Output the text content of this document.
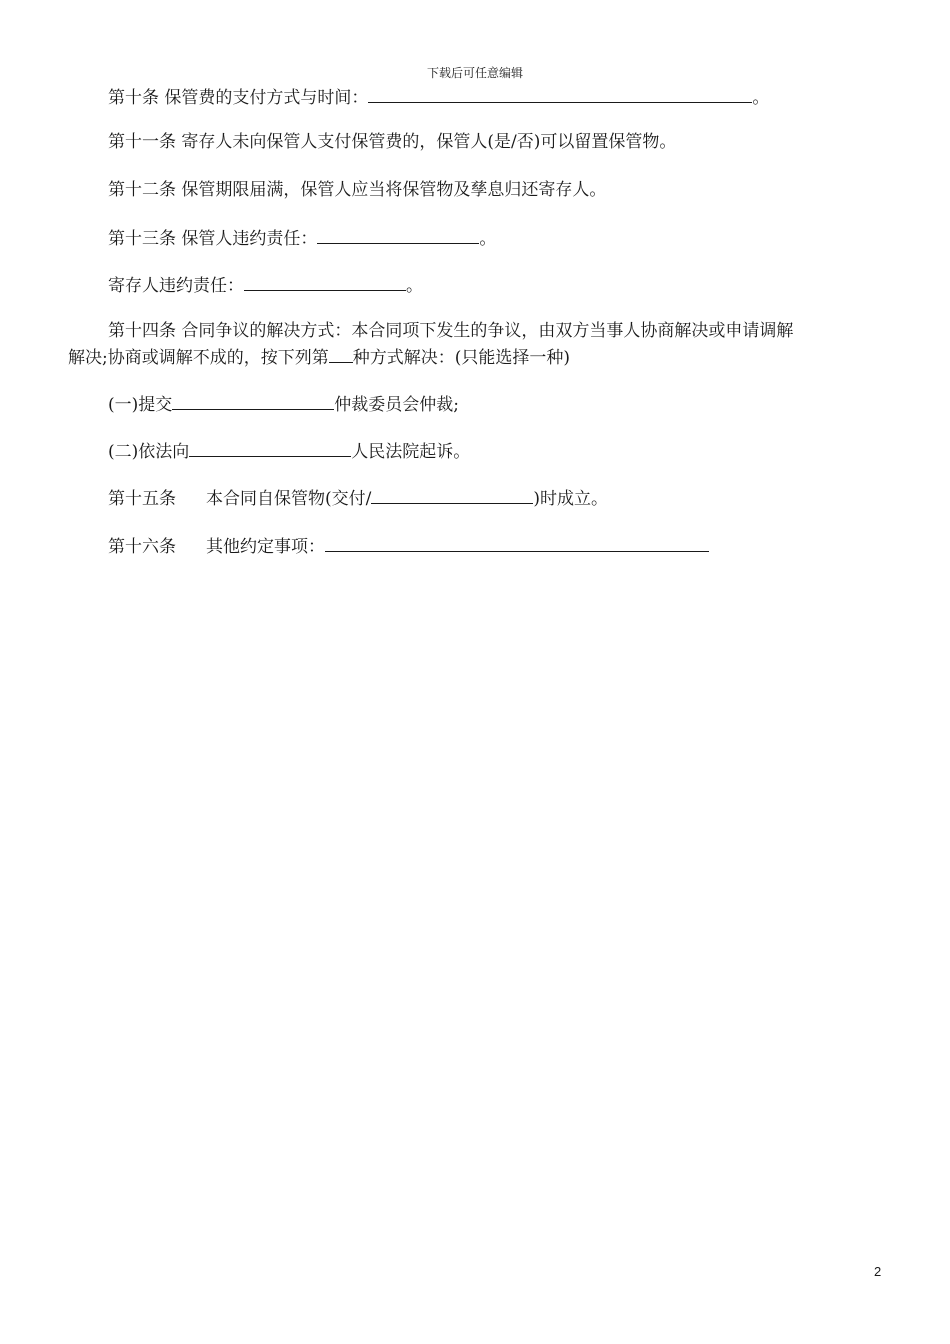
下载后可任意编辑
第十条 保管费的支付方式与时间：	。
第十一条 寄存人未向保管人支付保管费的，保管人(是/否)可以留置保管物。
第十二条 保管期限届满，保管人应当将保管物及孳息归还寄存人。
第十三条 保管人违约责任：	。
寄存人违约责任：	。
第十四条 合同争议的解决方式：本合同项下发生的争议，由双方当事人协商解决或申请调解
解决;协商或调解不成的，按下列第 种方式解决：(只能选择一种)
(一)提交	仲裁委员会仲裁;
(二)依法向	人民法院起诉。
第十五条 本合同自保管物(交付/	)时成立。
第十六条 其他约定事项：
2
